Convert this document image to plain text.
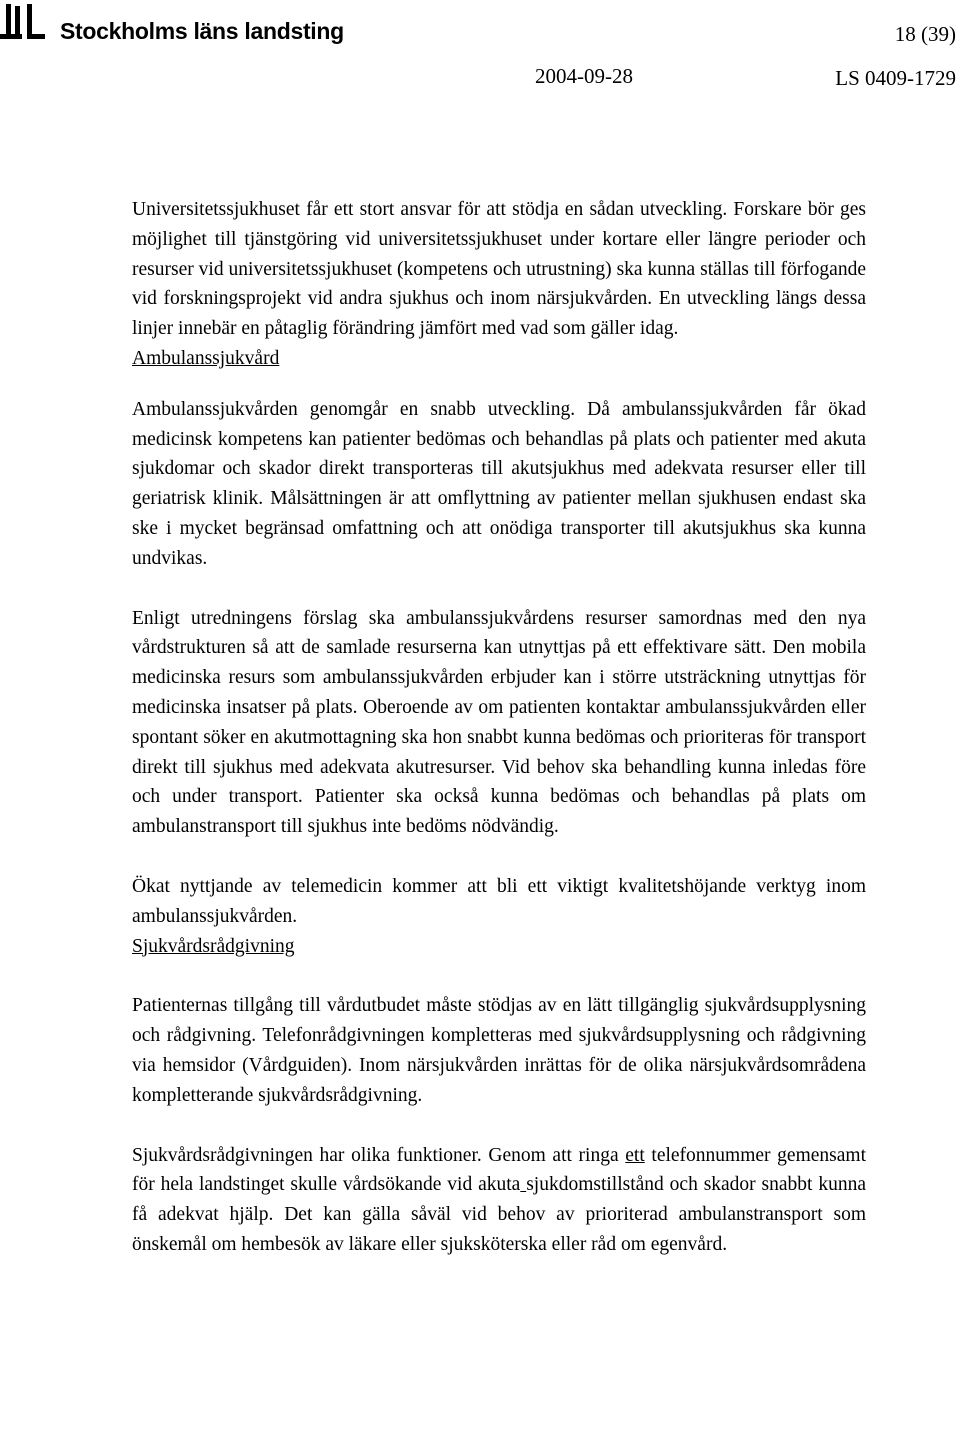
Stockholms läns landsting	18 (39)
2004-09-28	LS 0409-1729

Universitetssjukhuset får ett stort ansvar för att stödja en sådan utveckling. Forskare bör ges möjlighet till tjänstgöring vid universitetssjukhuset under kortare eller längre perioder och resurser vid universitetssjukhuset (kompetens och utrustning) ska kunna ställas till förfogande vid forskningsprojekt vid andra sjukhus och inom närsjukvården. En utveckling längs dessa linjer innebär en påtaglig förändring jämfört med vad som gäller idag.

Ambulanssjukvård

Ambulanssjukvården genomgår en snabb utveckling. Då ambulanssjukvården får ökad medicinsk kompetens kan patienter bedömas och behandlas på plats och patienter med akuta sjukdomar och skador direkt transporteras till akutsjukhus med adekvata resurser eller till geriatrisk klinik. Målsättningen är att omflyttning av patienter mellan sjukhusen endast ska ske i mycket begränsad omfattning och att onödiga transporter till akutsjukhus ska kunna undvikas.

Enligt utredningens förslag ska ambulanssjukvårdens resurser samordnas med den nya vårdstrukturen så att de samlade resurserna kan utnyttjas på ett effektivare sätt. Den mobila medicinska resurs som ambulanssjukvården erbjuder kan i större utsträckning utnyttjas för medicinska insatser på plats. Oberoende av om patienten kontaktar ambulanssjukvården eller spontant söker en akutmottagning ska hon snabbt kunna bedömas och prioriteras för transport direkt till sjukhus med adekvata akutresurser. Vid behov ska behandling kunna inledas före och under transport. Patienter ska också kunna bedömas och behandlas på plats om ambulanstransport till sjukhus inte bedöms nödvändig.

Ökat nyttjande av telemedicin kommer att bli ett viktigt kvalitetshöjande verktyg inom ambulanssjukvården.

Sjukvårdsrådgivning

Patienternas tillgång till vårdutbudet måste stödjas av en lätt tillgänglig sjukvårdsupplysning och rådgivning. Telefonrådgivningen kompletteras med sjukvårdsupplysning och rådgivning via hemsidor (Vårdguiden). Inom närsjukvården inrättas för de olika närsjukvårdsområdena kompletterande sjukvårdsrådgivning.

Sjukvårdsrådgivningen har olika funktioner. Genom att ringa ett telefonnummer gemensamt för hela landstinget skulle vårdsökande vid akuta sjukdomstillstånd och skador snabbt kunna få adekvat hjälp. Det kan gälla såväl vid behov av prioriterad ambulanstransport som önskemål om hembesök av läkare eller sjuksköterska eller råd om egenvård.
